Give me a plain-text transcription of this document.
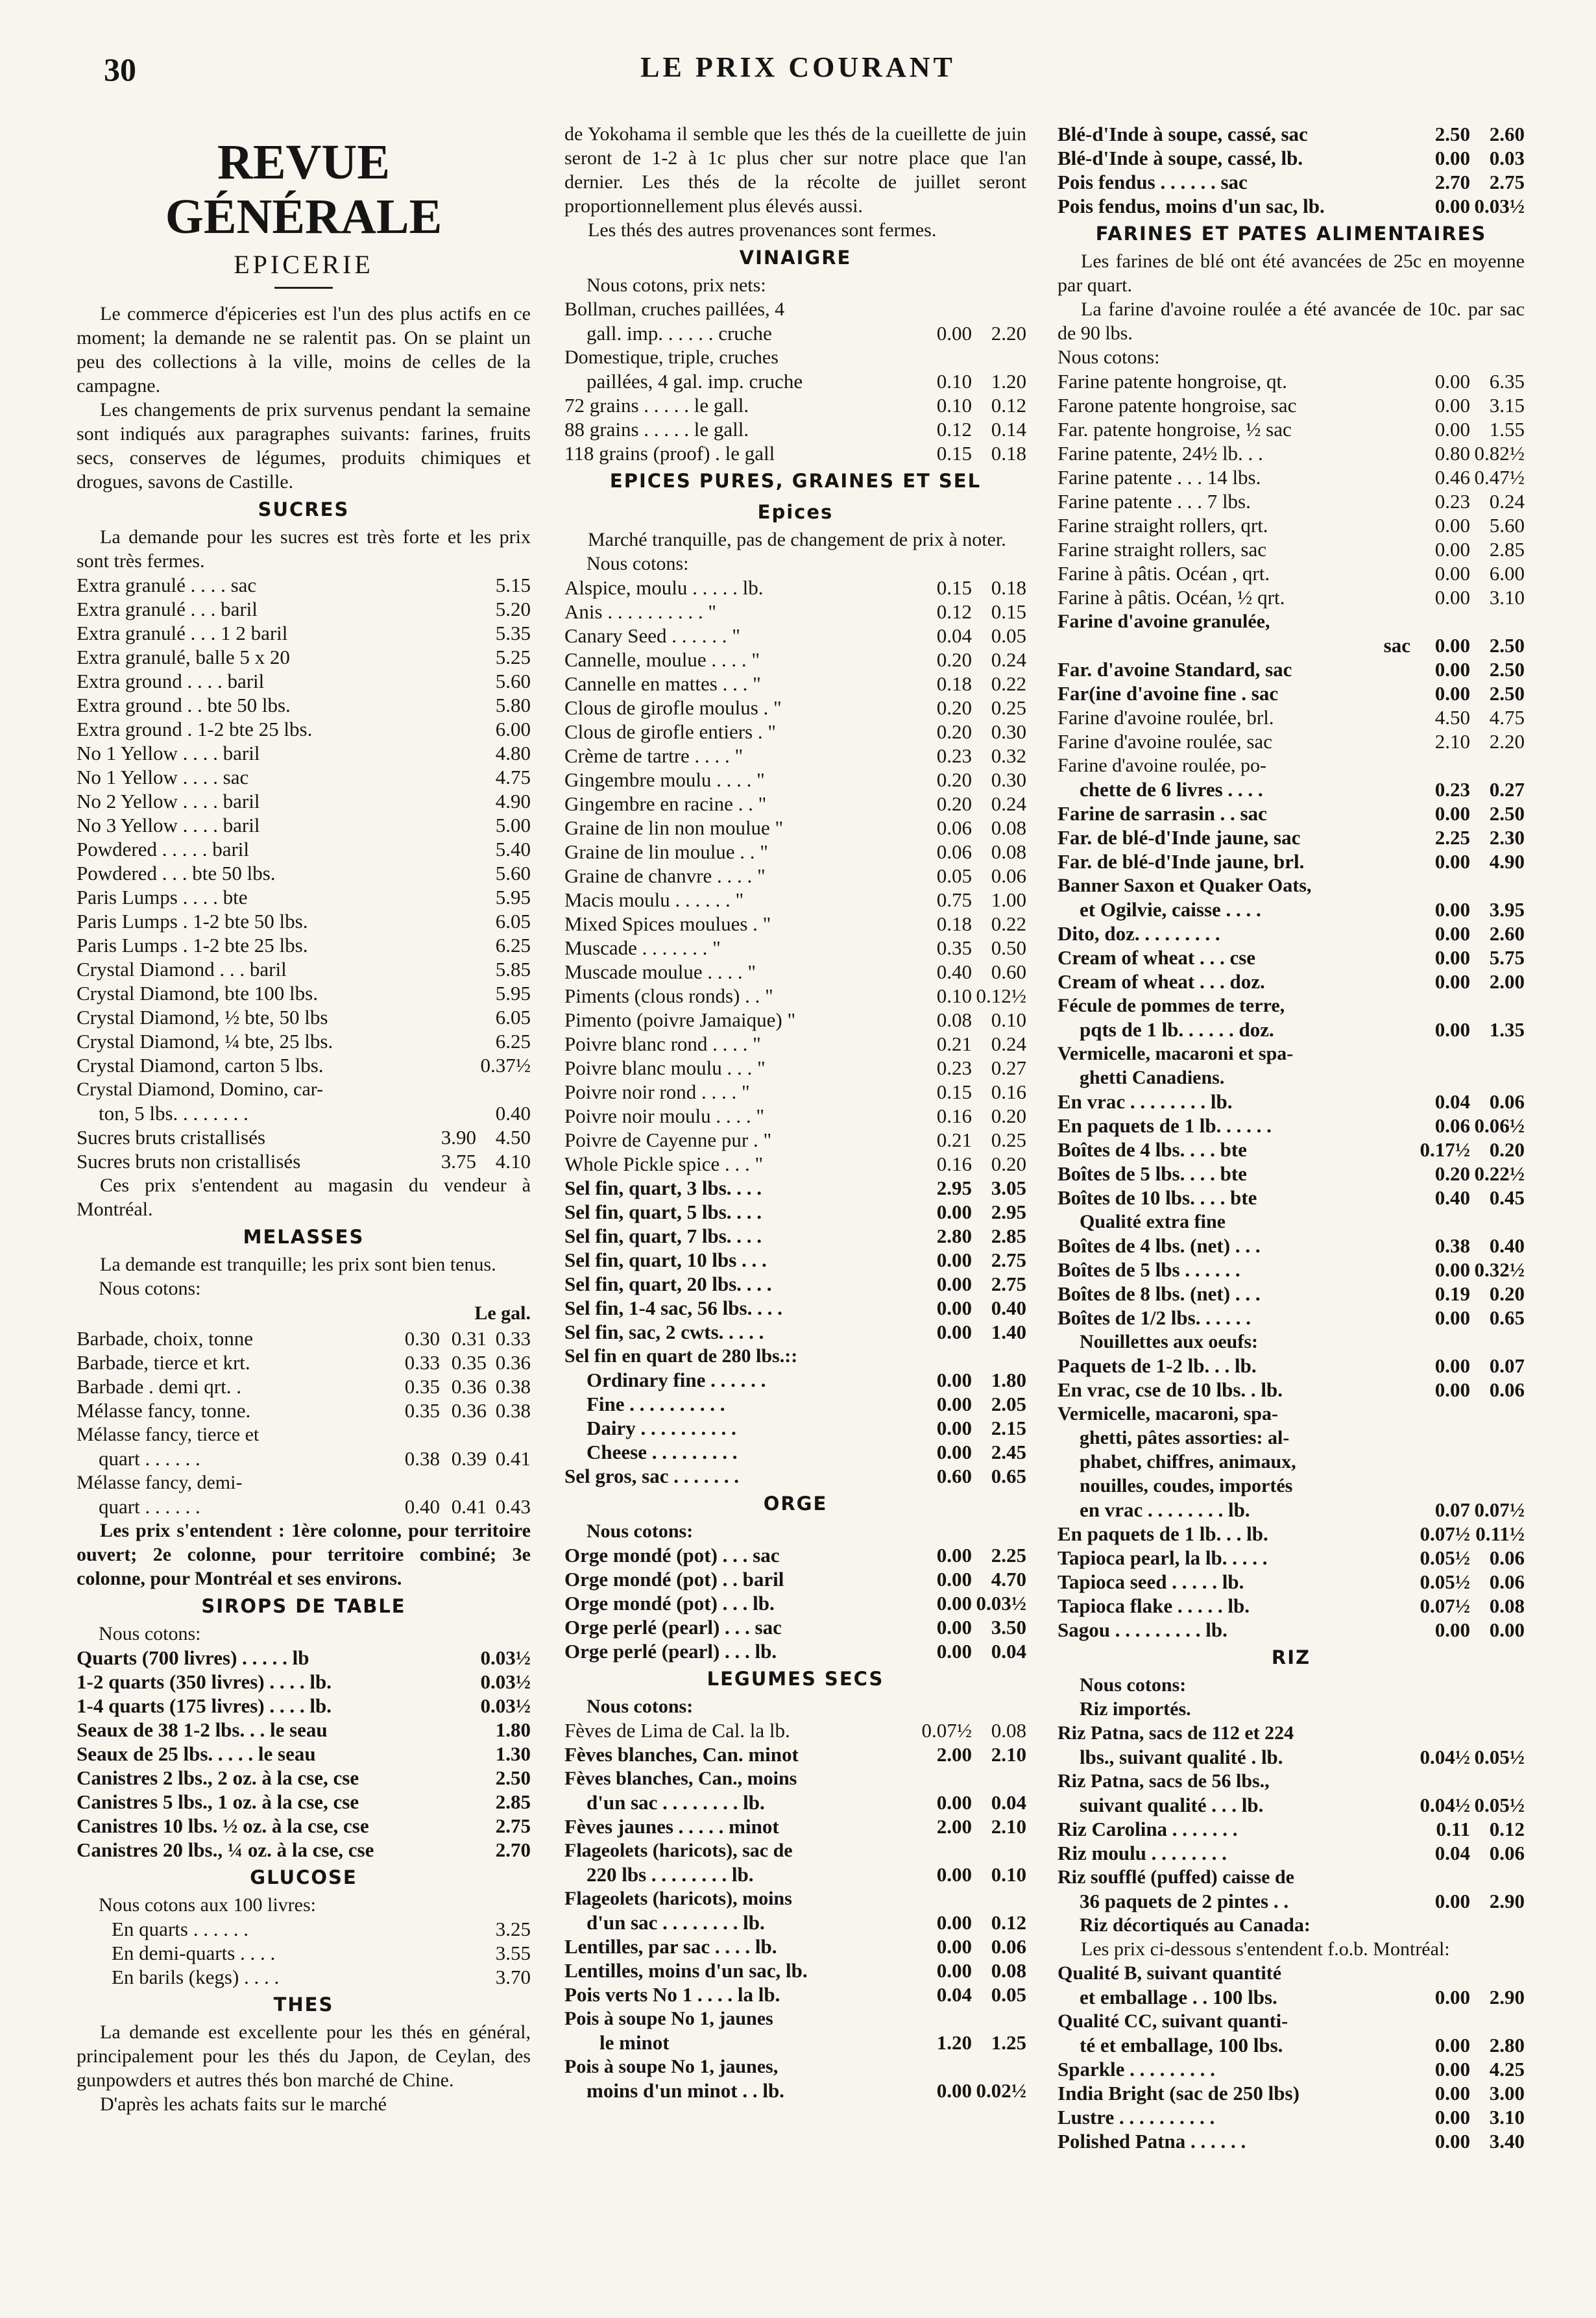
30	LE PRIX COURANT
REVUE GÉNÉRALE
EPICERIE
Le commerce d'épiceries est l'un des plus actifs en ce moment; la demande ne se ralentit pas. On se plaint un peu des collections à la ville, moins de celles de la campagne.
Les changements de prix survenus pendant la semaine sont indiqués aux paragraphes suivants: farines, fruits secs, conserves de légumes, produits chimiques et drogues, savons de Castille.
SUCRES
La demande pour les sucres est très forte et les prix sont très fermes.
Extra granulé . . . . sac	5.15
Extra granulé . . . baril	5.20
Extra granulé . . . 1 2 baril	5.35
Extra granulé, balle 5 x 20	5.25
Extra ground . . . . baril	5.60
Extra ground . . bte 50 lbs.	5.80
Extra ground . 1-2 bte 25 lbs.	6.00
No 1 Yellow . . . . baril	4.80
No 1 Yellow . . . . sac	4.75
No 2 Yellow . . . . baril	4.90
No 3 Yellow . . . . baril	5.00
Powdered . . . . . baril	5.40
Powdered . . . bte 50 lbs.	5.60
Paris Lumps . . . . bte	5.95
Paris Lumps . 1-2 bte 50 lbs.	6.05
Paris Lumps . 1-2 bte 25 lbs.	6.25
Crystal Diamond . . . baril	5.85
Crystal Diamond, bte 100 lbs.	5.95
Crystal Diamond, ½ bte, 50 lbs	6.05
Crystal Diamond, ¼ bte, 25 lbs.	6.25
Crystal Diamond, carton 5 lbs.	0.37½
Crystal Diamond, Domino, car-
ton, 5 lbs. . . . . . . .	0.40
Sucres bruts cristallisés	3.90 4.50
Sucres bruts non cristallisés	3.75 4.10
Ces prix s'entendent au magasin du vendeur à Montréal.
MELASSES
La demande est tranquille; les prix sont bien tenus.
Nous cotons:
Le gal.
Barbade, choix, tonne	0.30 0.31 0.33
Barbade, tierce et krt.	0.33 0.35 0.36
Barbade . demi qrt. .	0.35 0.36 0.38
Mélasse fancy, tonne.	0.35 0.36 0.38
Mélasse fancy, tierce et
quart . . . . . .	0.38 0.39 0.41
Mélasse fancy, demi-
quart . . . . . .	0.40 0.41 0.43
Les prix s'entendent : 1ère colonne, pour territoire ouvert; 2e colonne, pour territoire combiné; 3e colonne, pour Montréal et ses environs.
SIROPS DE TABLE
Nous cotons:
Quarts (700 livres) . . . . . lb	0.03½
1-2 quarts (350 livres) . . . . lb.	0.03½
1-4 quarts (175 livres) . . . . lb.	0.03½
Seaux de 38 1-2 lbs. . . le seau	1.80
Seaux de 25 lbs. . . . . le seau	1.30
Canistres 2 lbs., 2 oz. à la cse, cse	2.50
Canistres 5 lbs., 1 oz. à la cse, cse	2.85
Canistres 10 lbs. ½ oz. à la cse, cse	2.75
Canistres 20 lbs., ¼ oz. à la cse, cse	2.70
GLUCOSE
Nous cotons aux 100 livres:
En quarts . . . . . .	3.25
En demi-quarts . . . .	3.55
En barils (kegs) . . . .	3.70
THES
La demande est excellente pour les thés en général, principalement pour les thés du Japon, de Ceylan, des gunpowders et autres thés bon marché de Chine.
D'après les achats faits sur le marché
de Yokohama il semble que les thés de la cueillette de juin seront de 1-2 à 1c plus cher sur notre place que l'an dernier. Les thés de la récolte de juillet seront proportionnellement plus élevés aussi.
Les thés des autres provenances sont fermes.
VINAIGRE
Nous cotons, prix nets:
Bollman, cruches paillées, 4
gall. imp. . . . . . cruche	0.00 2.20
Domestique, triple, cruches
paillées, 4 gal. imp. cruche	0.10 1.20
72 grains . . . . . le gall.	0.10 0.12
88 grains . . . . . le gall.	0.12 0.14
118 grains (proof) . le gall	0.15 0.18
EPICES PURES, GRAINES ET SEL
Epices
Marché tranquille, pas de changement de prix à noter.
Nous cotons:
Alspice, moulu . . . . . lb.	0.15 0.18
Anis . . . . . . . . . . "	0.12 0.15
Canary Seed . . . . . . "	0.04 0.05
Cannelle, moulue . . . . "	0.20 0.24
Cannelle en mattes . . . "	0.18 0.22
Clous de girofle moulus . "	0.20 0.25
Clous de girofle entiers . "	0.20 0.30
Crème de tartre . . . . "	0.23 0.32
Gingembre moulu . . . . "	0.20 0.30
Gingembre en racine . . "	0.20 0.24
Graine de lin non moulue "	0.06 0.08
Graine de lin moulue . . "	0.06 0.08
Graine de chanvre . . . . "	0.05 0.06
Macis moulu . . . . . . "	0.75 1.00
Mixed Spices moulues . "	0.18 0.22
Muscade . . . . . . . "	0.35 0.50
Muscade moulue . . . . "	0.40 0.60
Piments (clous ronds) . . "	0.10 0.12½
Pimento (poivre Jamaique) "	0.08 0.10
Poivre blanc rond . . . . "	0.21 0.24
Poivre blanc moulu . . . "	0.23 0.27
Poivre noir rond . . . . "	0.15 0.16
Poivre noir moulu . . . . "	0.16 0.20
Poivre de Cayenne pur . "	0.21 0.25
Whole Pickle spice . . . "	0.16 0.20
Sel fin, quart, 3 lbs. . . .	2.95 3.05
Sel fin, quart, 5 lbs. . . .	0.00 2.95
Sel fin, quart, 7 lbs. . . .	2.80 2.85
Sel fin, quart, 10 lbs . . .	0.00 2.75
Sel fin, quart, 20 lbs. . . .	0.00 2.75
Sel fin, 1-4 sac, 56 lbs. . . .	0.00 0.40
Sel fin, sac, 2 cwts. . . . .	0.00 1.40
Sel fin en quart de 280 lbs.::
Ordinary fine . . . . . .	0.00 1.80
Fine . . . . . . . . . .	0.00 2.05
Dairy . . . . . . . . . .	0.00 2.15
Cheese . . . . . . . . .	0.00 2.45
Sel gros, sac . . . . . . .	0.60 0.65
ORGE
Nous cotons:
Orge mondé (pot) . . . sac	0.00 2.25
Orge mondé (pot) . . baril	0.00 4.70
Orge mondé (pot) . . . lb.	0.00 0.03½
Orge perlé (pearl) . . . sac	0.00 3.50
Orge perlé (pearl) . . . lb.	0.00 0.04
LEGUMES SECS
Nous cotons:
Fèves de Lima de Cal. la lb.	0.07½ 0.08
Fèves blanches, Can. minot	2.00 2.10
Fèves blanches, Can., moins
d'un sac . . . . . . . . lb.	0.00 0.04
Fèves jaunes . . . . . minot	2.00 2.10
Flageolets (haricots), sac de
220 lbs . . . . . . . . lb.	0.00 0.10
Flageolets (haricots), moins
d'un sac . . . . . . . . lb.	0.00 0.12
Lentilles, par sac . . . . lb.	0.00 0.06
Lentilles, moins d'un sac, lb.	0.00 0.08
Pois verts No 1 . . . . la lb.	0.04 0.05
Pois à soupe No 1, jaunes
le minot	1.20 1.25
Pois à soupe No 1, jaunes,
moins d'un minot . . lb.	0.00 0.02½
Blé-d'Inde à soupe, cassé, sac	2.50 2.60
Blé-d'Inde à soupe, cassé, lb.	0.00 0.03
Pois fendus . . . . . . sac	2.70 2.75
Pois fendus, moins d'un sac, lb.	0.00 0.03½
FARINES ET PATES ALIMENTAIRES
Les farines de blé ont été avancées de 25c en moyenne par quart.
La farine d'avoine roulée a été avancée de 10c. par sac de 90 lbs.
Nous cotons:
Farine patente hongroise, qt.	0.00 6.35
Farone patente hongroise, sac	0.00 3.15
Far. patente hongroise, ½ sac	0.00 1.55
Farine patente, 24½ lb. . .	0.80 0.82½
Farine patente . . . 14 lbs.	0.46 0.47½
Farine patente . . . 7 lbs.	0.23 0.24
Farine straight rollers, qrt.	0.00 5.60
Farine straight rollers, sac	0.00 2.85
Farine à pâtis. Océan , qrt.	0.00 6.00
Farine à pâtis. Océan, ½ qrt.	0.00 3.10
Farine d'avoine granulée,
sac	0.00 2.50
Far. d'avoine Standard, sac	0.00 2.50
Far(ine d'avoine fine . sac	0.00 2.50
Farine d'avoine roulée, brl.	4.50 4.75
Farine d'avoine roulée, sac	2.10 2.20
Farine d'avoine roulée, po-
chette de 6 livres . . . .	0.23 0.27
Farine de sarrasin . . sac	0.00 2.50
Far. de blé-d'Inde jaune, sac	2.25 2.30
Far. de blé-d'Inde jaune, brl.	0.00 4.90
Banner Saxon et Quaker Oats,
et Ogilvie, caisse . . . .	0.00 3.95
Dito, doz. . . . . . . . .	0.00 2.60
Cream of wheat . . . cse	0.00 5.75
Cream of wheat . . . doz.	0.00 2.00
Fécule de pommes de terre,
pqts de 1 lb. . . . . . doz.	0.00 1.35
Vermicelle, macaroni et spa-
ghetti Canadiens.
En vrac . . . . . . . . lb.	0.04 0.06
En paquets de 1 lb. . . . . .	0.06 0.06½
Boîtes de 4 lbs. . . . bte	0.17½ 0.20
Boîtes de 5 lbs. . . . bte	0.20 0.22½
Boîtes de 10 lbs. . . . bte	0.40 0.45
Qualité extra fine
Boîtes de 4 lbs. (net) . . .	0.38 0.40
Boîtes de 5 lbs . . . . . .	0.00 0.32½
Boîtes de 8 lbs. (net) . . .	0.19 0.20
Boîtes de 1/2 lbs. . . . . .	0.00 0.65
Nouillettes aux oeufs:
Paquets de 1-2 lb. . . lb.	0.00 0.07
En vrac, cse de 10 lbs. . lb.	0.00 0.06
Vermicelle, macaroni, spa-
ghetti, pâtes assorties: al-
phabet, chiffres, animaux,
nouilles, coudes, importés
en vrac . . . . . . . . lb.	0.07 0.07½
En paquets de 1 lb. . . lb.	0.07½ 0.11½
Tapioca pearl, la lb. . . . .	0.05½ 0.06
Tapioca seed . . . . . lb.	0.05½ 0.06
Tapioca flake . . . . . lb.	0.07½ 0.08
Sagou . . . . . . . . . lb.	0.00 0.00
RIZ
Nous cotons:
Riz importés.
Riz Patna, sacs de 112 et 224
lbs., suivant qualité . lb.	0.04½ 0.05½
Riz Patna, sacs de 56 lbs.,
suivant qualité . . . lb.	0.04½ 0.05½
Riz Carolina . . . . . . .	0.11 0.12
Riz moulu . . . . . . . .	0.04 0.06
Riz soufflé (puffed) caisse de
36 paquets de 2 pintes . .	0.00 2.90
Riz décortiqués au Canada:
Les prix ci-dessous s'entendent f.o.b. Montréal:
Qualité B, suivant quantité
et emballage . . 100 lbs.	0.00 2.90
Qualité CC, suivant quanti-
té et emballage, 100 lbs.	0.00 2.80
Sparkle . . . . . . . . .	0.00 4.25
India Bright (sac de 250 lbs)	0.00 3.00
Lustre . . . . . . . . . .	0.00 3.10
Polished Patna . . . . . .	0.00 3.40
